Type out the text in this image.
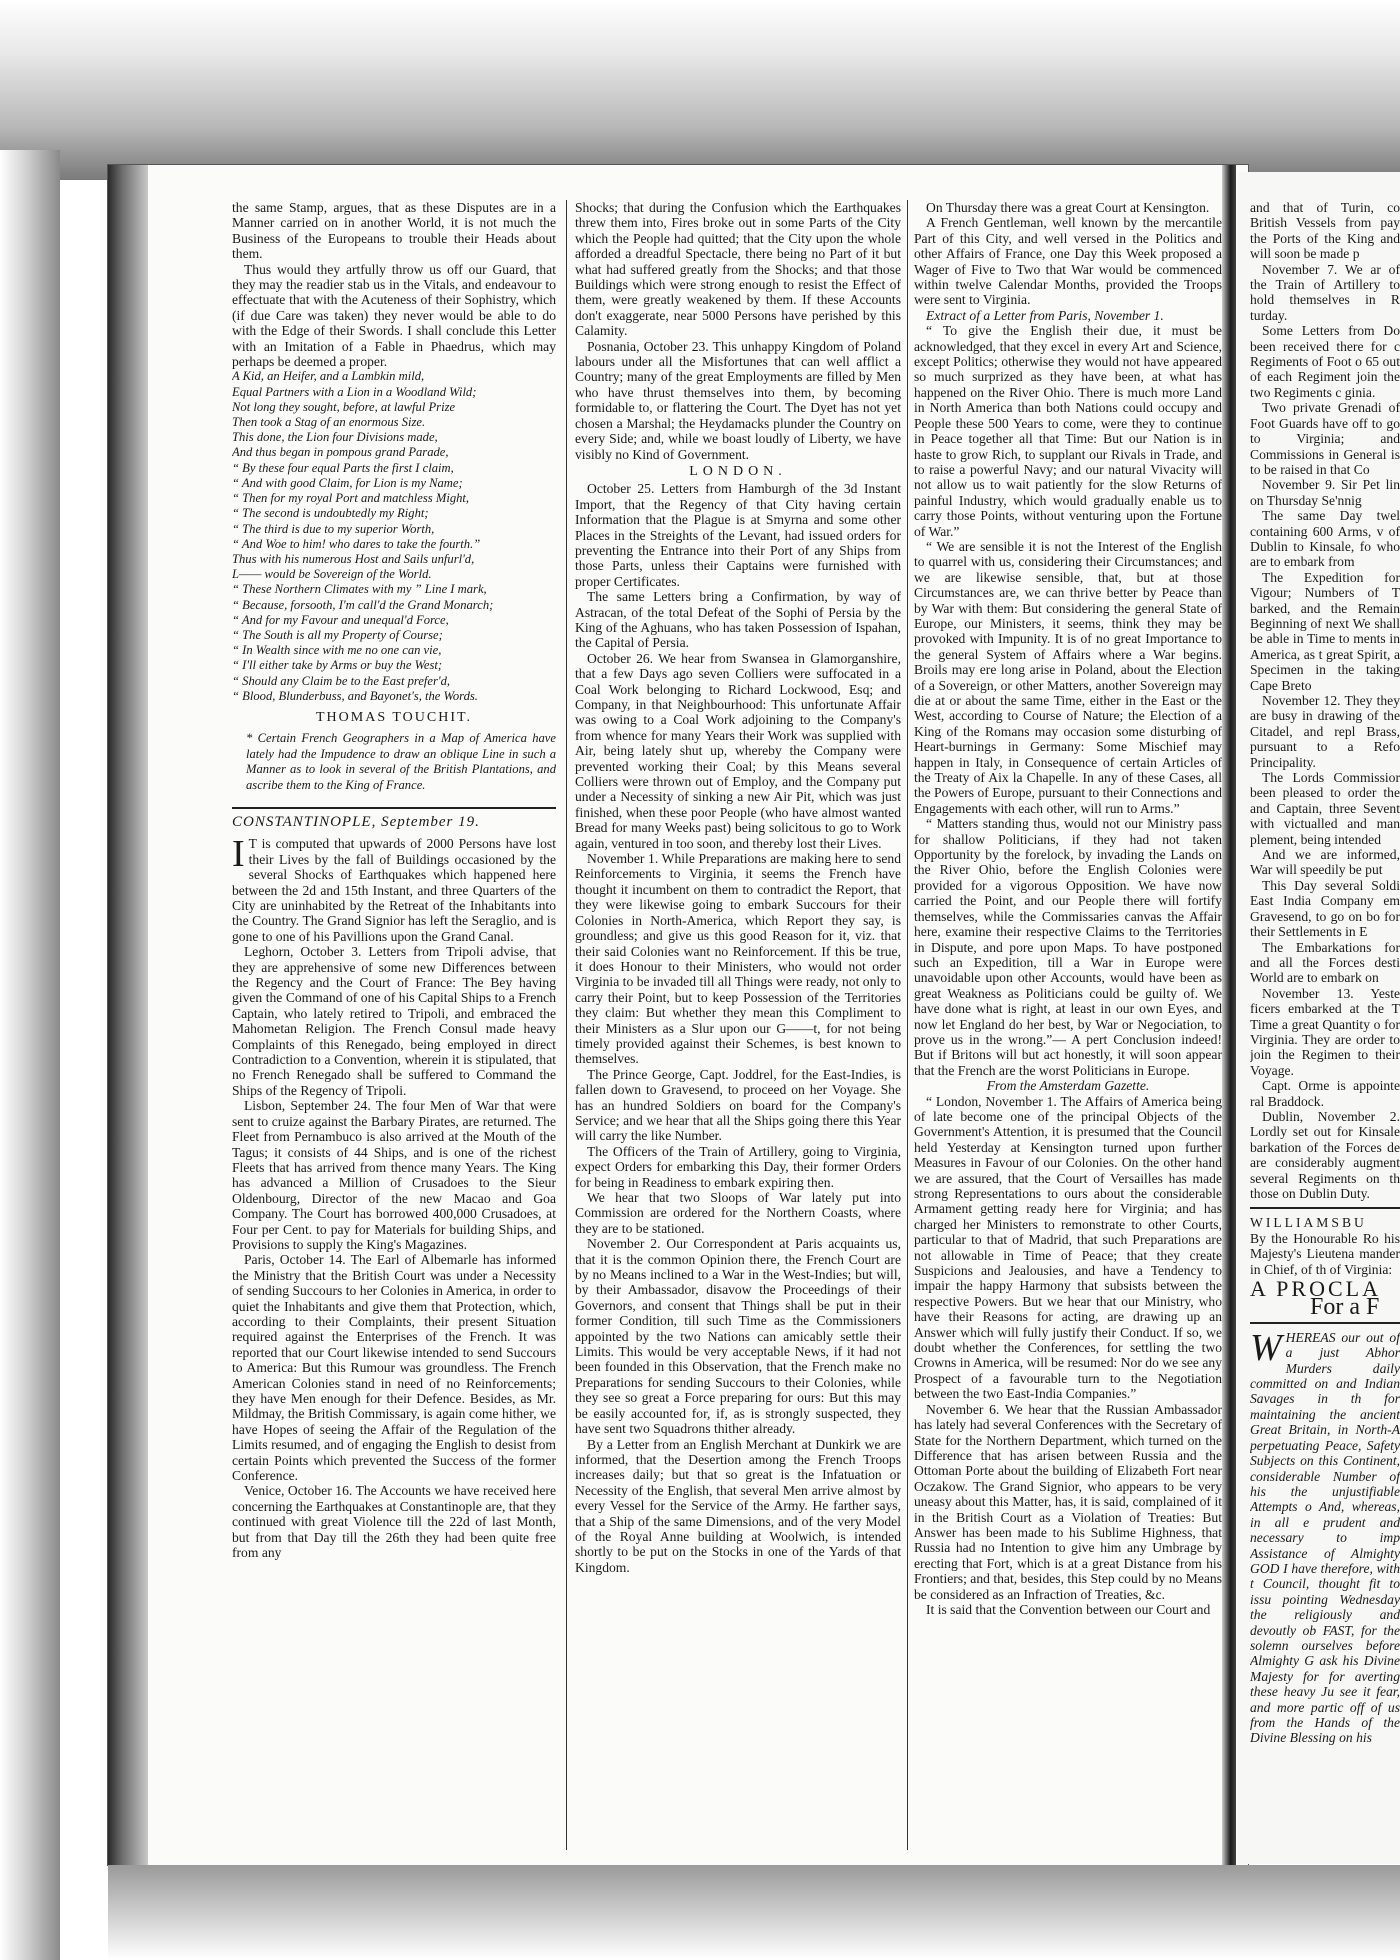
the same Stamp, argues, that as these Disputes are in a Manner carried on in another World, it is not much the Business of the Europeans to trouble their Heads about them.

Thus would they artfully throw us off our Guard, that they may the readier stab us in the Vitals, and endeavour to effectuate that with the Acuteness of their Sophistry, which (if due Care was taken) they never would be able to do with the Edge of their Swords. I shall conclude this Letter with an Imitation of a Fable in Phaedrus, which may perhaps be deemed a proper.

A Kid, an Heifer, and a Lambkin mild,
Equal Partners with a Lion in a Woodland Wild;
Not long they sought, before, at lawful Prize
Then took a Stag of an enormous Size.
This done, the Lion four Divisions made,
And thus began in pompous grand Parade,
“ By these four equal Parts the first I claim,
“ And with good Claim, for Lion is my Name;
“ Then for my royal Port and matchless Might,
“ The second is undoubtedly my Right;
“ The third is due to my superior Worth,
“ And Woe to him! who dares to take the fourth.”
Thus with his numerous Host and Sails unfurl'd,
L—— would be Sovereign of the World.
“ These Northern Climates with my ” Line I mark,
“ Because, forsooth, I'm call'd the Grand Monarch;
“ And for my Favour and unequal'd Force,
“ The South is all my Property of Course;
“ In Wealth since with me no one can vie,
“ I'll either take by Arms or buy the West;
“ Should any Claim be to the East prefer'd,
“ Blood, Blunderbuss, and Bayonet's, the Words.
THOMAS TOUCHIT.
* Certain French Geographers in a Map of America have lately had the Impudence to draw an oblique Line in such a Manner as to look in several of the British Plantations, and ascribe them to the King of France.
CONSTANTINOPLE, September 19.

I T is computed that upwards of 2000 Persons have lost their Lives by the fall of Buildings occasioned by the several Shocks of Earthquakes which happened here between the 2d and 15th Instant, and three Quarters of the City are uninhabited by the Retreat of the Inhabitants into the Country. The Grand Signior has left the Seraglio, and is gone to one of his Pavillions upon the Grand Canal.

Leghorn, October 3. Letters from Tripoli advise, that they are apprehensive of some new Differences between the Regency and the Court of France: The Bey having given the Command of one of his Capital Ships to a French Captain, who lately retired to Tripoli, and embraced the Mahometan Religion. The French Consul made heavy Complaints of this Renegado, being employed in direct Contradiction to a Convention, wherein it is stipulated, that no French Renegado shall be suffered to Command the Ships of the Regency of Tripoli.

Lisbon, September 24. The four Men of War that were sent to cruize against the Barbary Pirates, are returned. The Fleet from Pernambuco is also arrived at the Mouth of the Tagus; it consists of 44 Ships, and is one of the richest Fleets that has arrived from thence many Years. The King has advanced a Million of Crusadoes to the Sieur Oldenbourg, Director of the new Macao and Goa Company. The Court has borrowed 400,000 Crusadoes, at Four per Cent. to pay for Materials for building Ships, and Provisions to supply the King's Magazines.

Paris, October 14. The Earl of Albemarle has informed the Ministry that the British Court was under a Necessity of sending Succours to her Colonies in America, in order to quiet the Inhabitants and give them that Protection, which, according to their Complaints, their present Situation required against the Enterprises of the French. It was reported that our Court likewise intended to send Succours to America: But this Rumour was groundless. The French American Colonies stand in need of no Reinforcements; they have Men enough for their Defence. Besides, as Mr. Mildmay, the British Commissary, is again come hither, we have Hopes of seeing the Affair of the Regulation of the Limits resumed, and of engaging the English to desist from certain Points which prevented the Success of the former Conference.

Venice, October 16. The Accounts we have received here concerning the Earthquakes at Constantinople are, that they continued with great Violence till the 22d of last Month, but from that Day till the 26th they had been quite free from any

Shocks; that during the Confusion which the Earthquakes threw them into, Fires broke out in some Parts of the City which the People had quitted; that the City upon the whole afforded a dreadful Spectacle, there being no Part of it but what had suffered greatly from the Shocks; and that those Buildings which were strong enough to resist the Effect of them, were greatly weakened by them. If these Accounts don't exaggerate, near 5000 Persons have perished by this Calamity.

Posnania, October 23. This unhappy Kingdom of Poland labours under all the Misfortunes that can well afflict a Country; many of the great Employments are filled by Men who have thrust themselves into them, by becoming formidable to, or flattering the Court. The Dyet has not yet chosen a Marshal; the Heydamacks plunder the Country on every Side; and, while we boast loudly of Liberty, we have visibly no Kind of Government.

LONDON.

October 25. Letters from Hamburgh of the 3d Instant Import, that the Regency of that City having certain Information that the Plague is at Smyrna and some other Places in the Streights of the Levant, had issued orders for preventing the Entrance into their Port of any Ships from those Parts, unless their Captains were furnished with proper Certificates.

The same Letters bring a Confirmation, by way of Astracan, of the total Defeat of the Sophi of Persia by the King of the Aghuans, who has taken Possession of Ispahan, the Capital of Persia.

October 26. We hear from Swansea in Glamorganshire, that a few Days ago seven Colliers were suffocated in a Coal Work belonging to Richard Lockwood, Esq; and Company, in that Neighbourhood: This unfortunate Affair was owing to a Coal Work adjoining to the Company's from whence for many Years their Work was supplied with Air, being lately shut up, whereby the Company were prevented working their Coal; by this Means several Colliers were thrown out of Employ, and the Company put under a Necessity of sinking a new Air Pit, which was just finished, when these poor People (who have almost wanted Bread for many Weeks past) being solicitous to go to Work again, ventured in too soon, and thereby lost their Lives.

November 1. While Preparations are making here to send Reinforcements to Virginia, it seems the French have thought it incumbent on them to contradict the Report, that they were likewise going to embark Succours for their Colonies in North-America, which Report they say, is groundless; and give us this good Reason for it, viz. that their said Colonies want no Reinforcement. If this be true, it does Honour to their Ministers, who would not order Virginia to be invaded till all Things were ready, not only to carry their Point, but to keep Possession of the Territories they claim: But whether they mean this Compliment to their Ministers as a Slur upon our G——t, for not being timely provided against their Schemes, is best known to themselves.

The Prince George, Capt. Joddrel, for the East-Indies, is fallen down to Gravesend, to proceed on her Voyage. She has an hundred Soldiers on board for the Company's Service; and we hear that all the Ships going there this Year will carry the like Number.

The Officers of the Train of Artillery, going to Virginia, expect Orders for embarking this Day, their former Orders for being in Readiness to embark expiring then.

We hear that two Sloops of War lately put into Commission are ordered for the Northern Coasts, where they are to be stationed.

November 2. Our Correspondent at Paris acquaints us, that it is the common Opinion there, the French Court are by no Means inclined to a War in the West-Indies; but will, by their Ambassador, disavow the Proceedings of their Governors, and consent that Things shall be put in their former Condition, till such Time as the Commissioners appointed by the two Nations can amicably settle their Limits. This would be very acceptable News, if it had not been founded in this Observation, that the French make no Preparations for sending Succours to their Colonies, while they see so great a Force preparing for ours: But this may be easily accounted for, if, as is strongly suspected, they have sent two Squadrons thither already.

By a Letter from an English Merchant at Dunkirk we are informed, that the Desertion among the French Troops increases daily; but that so great is the Infatuation or Necessity of the English, that several Men arrive almost by every Vessel for the Service of the Army. He farther says, that a Ship of the same Dimensions, and of the very Model of the Royal Anne building at Woolwich, is intended shortly to be put on the Stocks in one of the Yards of that Kingdom.

On Thursday there was a great Court at Kensington.

A French Gentleman, well known by the mercantile Part of this City, and well versed in the Politics and other Affairs of France, one Day this Week proposed a Wager of Five to Two that War would be commenced within twelve Calendar Months, provided the Troops were sent to Virginia.

Extract of a Letter from Paris, November 1.

“ To give the English their due, it must be acknowledged, that they excel in every Art and Science, except Politics; otherwise they would not have appeared so much surprized as they have been, at what has happened on the River Ohio. There is much more Land in North America than both Nations could occupy and People these 500 Years to come, were they to continue in Peace together all that Time: But our Nation is in haste to grow Rich, to supplant our Rivals in Trade, and to raise a powerful Navy; and our natural Vivacity will not allow us to wait patiently for the slow Returns of painful Industry, which would gradually enable us to carry those Points, without venturing upon the Fortune of War.”

“ We are sensible it is not the Interest of the English to quarrel with us, considering their Circumstances; and we are likewise sensible, that, but at those Circumstances are, we can thrive better by Peace than by War with them: But considering the general State of Europe, our Ministers, it seems, think they may be provoked with Impunity. It is of no great Importance to the general System of Affairs where a War begins. Broils may ere long arise in Poland, about the Election of a Sovereign, or other Matters, another Sovereign may die at or about the same Time, either in the East or the West, according to Course of Nature; the Election of a King of the Romans may occasion some disturbing of Heart-burnings in Germany: Some Mischief may happen in Italy, in Consequence of certain Articles of the Treaty of Aix la Chapelle. In any of these Cases, all the Powers of Europe, pursuant to their Connections and Engagements with each other, will run to Arms.”

“ Matters standing thus, would not our Ministry pass for shallow Politicians, if they had not taken Opportunity by the forelock, by invading the Lands on the River Ohio, before the English Colonies were provided for a vigorous Opposition. We have now carried the Point, and our People there will fortify themselves, while the Commissaries canvas the Affair here, examine their respective Claims to the Territories in Dispute, and pore upon Maps. To have postponed such an Expedition, till a War in Europe were unavoidable upon other Accounts, would have been as great Weakness as Politicians could be guilty of. We have done what is right, at least in our own Eyes, and now let England do her best, by War or Negociation, to prove us in the wrong.”— A pert Conclusion indeed! But if Britons will but act honestly, it will soon appear that the French are the worst Politicians in Europe.

From the Amsterdam Gazette.

“ London, November 1. The Affairs of America being of late become one of the principal Objects of the Government's Attention, it is presumed that the Council held Yesterday at Kensington turned upon further Measures in Favour of our Colonies. On the other hand we are assured, that the Court of Versailles has made strong Representations to ours about the considerable Armament getting ready here for Virginia; and has charged her Ministers to remonstrate to other Courts, particular to that of Madrid, that such Preparations are not allowable in Time of Peace; that they create Suspicions and Jealousies, and have a Tendency to impair the happy Harmony that subsists between the respective Powers. But we hear that our Ministry, who have their Reasons for acting, are drawing up an Answer which will fully justify their Conduct. If so, we doubt whether the Conferences, for settling the two Crowns in America, will be resumed: Nor do we see any Prospect of a favourable turn to the Negotiation between the two East-India Companies.”

November 6. We hear that the Russian Ambassador has lately had several Conferences with the Secretary of State for the Northern Department, which turned on the Difference that has arisen between Russia and the Ottoman Porte about the building of Elizabeth Fort near Oczakow. The Grand Signior, who appears to be very uneasy about this Matter, has, it is said, complained of it in the British Court as a Violation of Treaties: But Answer has been made to his Sublime Highness, that Russia had no Intention to give him any Umbrage by erecting that Fort, which is at a great Distance from his Frontiers; and that, besides, this Step could by no Means be considered as an Infraction of Treaties, &c.

It is said that the Convention between our Court and

and that of Turin, co British Vessels from pay the Ports of the King and will soon be made p

November 7. We ar of the Train of Artillery to hold themselves in R turday.

Some Letters from Do been received there for c Regiments of Foot o 65 out of each Regiment join the two Regiments c ginia.

Two private Grenadi of Foot Guards have off to go to Virginia; and Commissions in General is to be raised in that Co

November 9. Sir Pet lin on Thursday Se'nnig

The same Day twel containing 600 Arms, v of Dublin to Kinsale, fo who are to embark from

The Expedition for Vigour; Numbers of T barked, and the Remain Beginning of next We shall be able in Time to ments in America, as t great Spirit, a Specimen in the taking Cape Breto

November 12. They they are busy in drawing of the Citadel, and repl Brass, pursuant to a Refo Principality.

The Lords Commissior been pleased to order the and Captain, three Sevent with victualled and man plement, being intended

And we are informed, War will speedily be put

This Day several Soldi East India Company em Gravesend, to go on bo for their Settlements in E

The Embarkations for and all the Forces desti World are to embark on

November 13. Yeste ficers embarked at the T Time a great Quantity o for Virginia. They are order to join the Regimen to their Voyage.

Capt. Orme is appointe ral Braddock.

Dublin, November 2. Lordly set out for Kinsale barkation of the Forces de are considerably augment several Regiments on th those on Dublin Duty.

WILLIAMSBU

By the Honourable Ro his Majesty's Lieutena mander in Chief, of th of Virginia:

A PROCLA
For a F

WHEREAS our out of a just Abhor Murders daily committed on and Indian Savages in th for maintaining the ancient Great Britain, in North-A perpetuating Peace, Safety Subjects on this Continent, considerable Number of his the unjustifiable Attempts o And, whereas, in all e prudent and necessary to imp Assistance of Almighty GOD I have therefore, with t Council, thought fit to issu pointing Wednesday the religiously and devoutly ob FAST, for the solemn ourselves before Almighty G ask his Divine Majesty for for averting these heavy Ju see it fear, and more partic off of us from the Hands of the Divine Blessing on his
